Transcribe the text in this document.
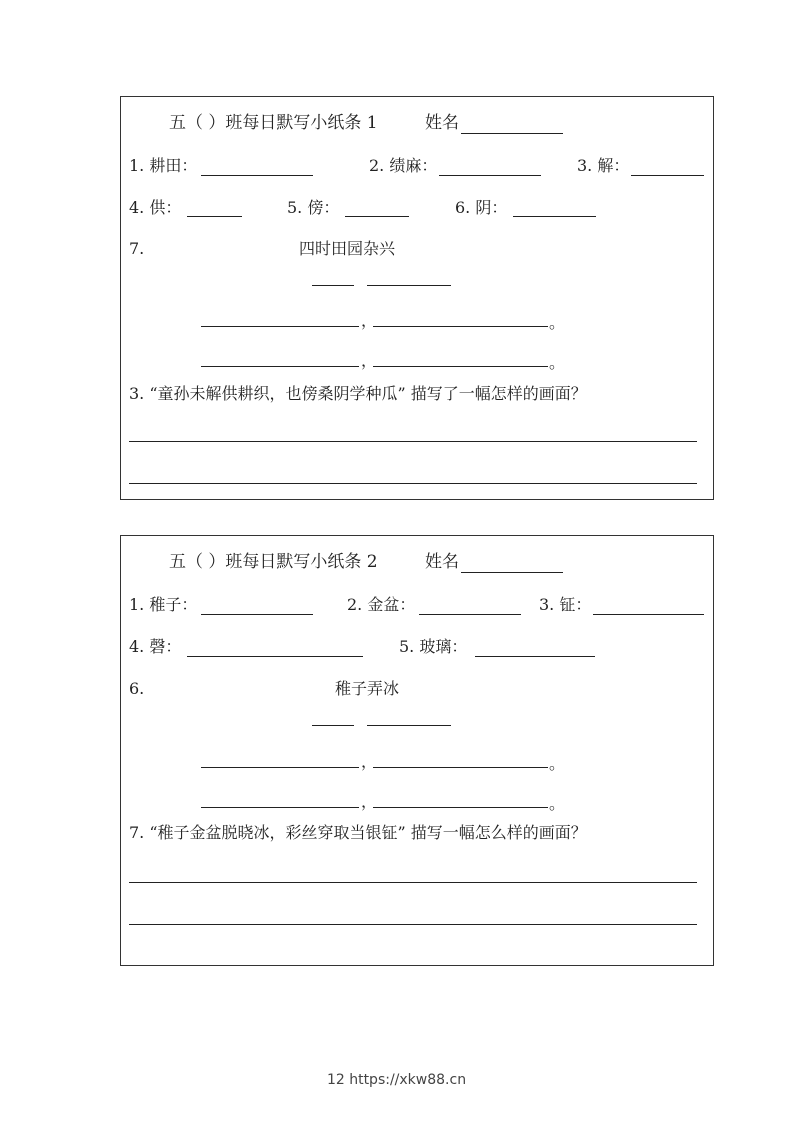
五（ ）班每日默写小纸条 1	姓名
1. 耕田：	2. 绩麻：	3. 解：
4. 供：	5. 傍：	6. 阴：
7.	四时田园杂兴
，	。
，	。
3. “童孙未解供耕织，也傍桑阴学种瓜” 描写了一幅怎样的画面？
五（ ）班每日默写小纸条 2	姓名
1. 稚子：	2. 金盆：	3. 钲：
4. 磬：	5. 玻璃：
6.	稚子弄冰
，	。
，	。
7. “稚子金盆脱晓冰，彩丝穿取当银钲” 描写一幅怎么样的画面？
12 https://xkw88.cn
